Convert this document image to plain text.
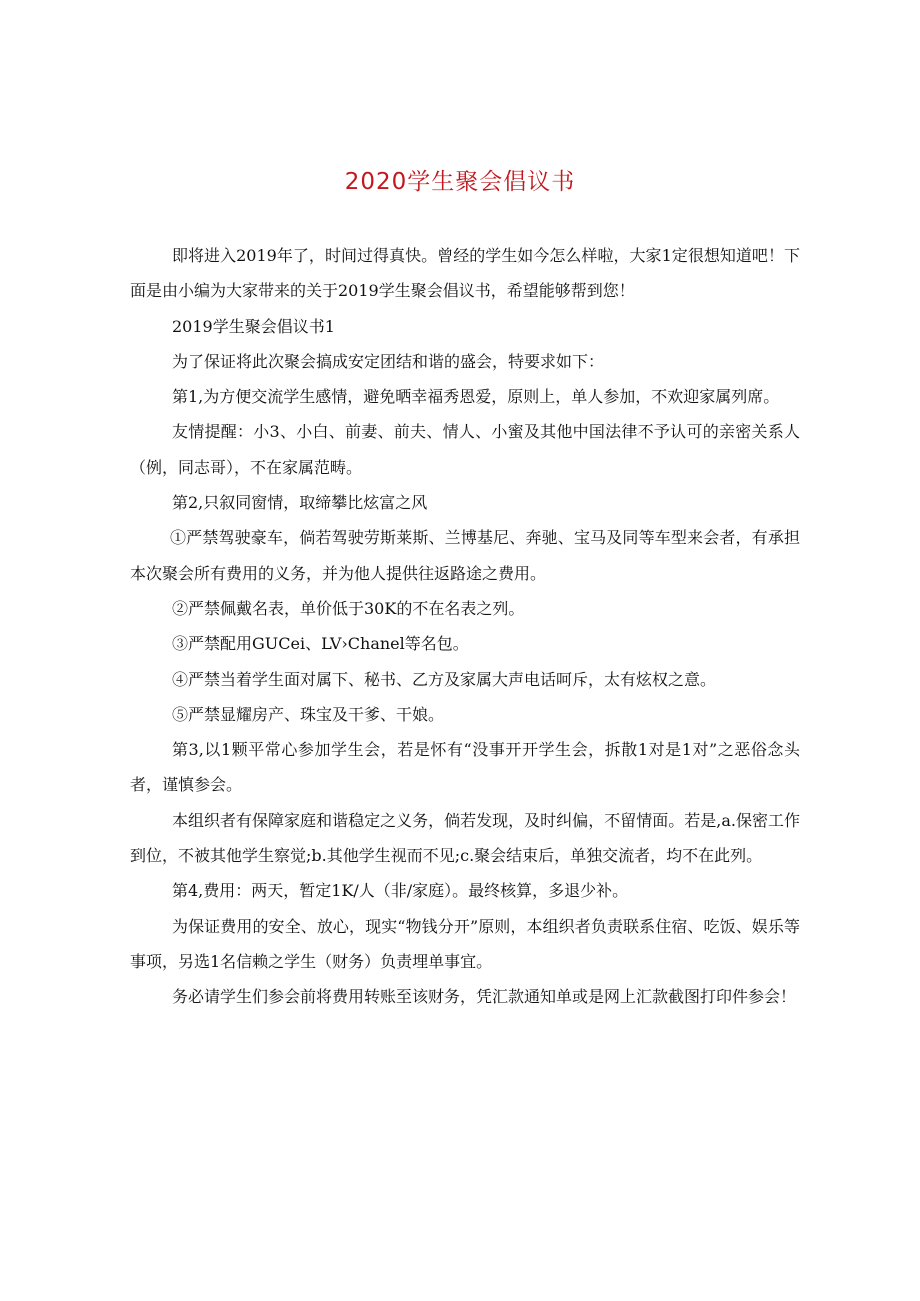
2020学生聚会倡议书

即将进入2019年了，时间过得真快。曾经的学生如今怎么样啦，大家1定很想知道吧！下面是由小编为大家带来的关于2019学生聚会倡议书，希望能够帮到您！

2019学生聚会倡议书1

为了保证将此次聚会搞成安定团结和谐的盛会，特要求如下：

第1,为方便交流学生感情，避免晒幸福秀恩爱，原则上，单人参加，不欢迎家属列席。

友情提醒：小3、小白、前妻、前夫、情人、小蜜及其他中国法律不予认可的亲密关系人（例，同志哥），不在家属范畴。

第2,只叙同窗情，取缔攀比炫富之风

①严禁驾驶豪车，倘若驾驶劳斯莱斯、兰博基尼、奔驰、宝马及同等车型来会者，有承担本次聚会所有费用的义务，并为他人提供往返路途之费用。

②严禁佩戴名表，单价低于30K的不在名表之列。

③严禁配用GUCei、LV›Chanel等名包。

④严禁当着学生面对属下、秘书、乙方及家属大声电话呵斥，太有炫权之意。

⑤严禁显耀房产、珠宝及干爹、干娘。

第3,以1颗平常心参加学生会，若是怀有“没事开开学生会，拆散1对是1对”之恶俗念头者，谨慎参会。

本组织者有保障家庭和谐稳定之义务，倘若发现，及时纠偏，不留情面。若是,a.保密工作到位，不被其他学生察觉;b.其他学生视而不见;c.聚会结束后，单独交流者，均不在此列。

第4,费用：两天，暂定1K/人（非/家庭）。最终核算，多退少补。

为保证费用的安全、放心，现实“物钱分开”原则，本组织者负责联系住宿、吃饭、娱乐等事项，另选1名信赖之学生（财务）负责埋单事宜。

务必请学生们参会前将费用转账至该财务，凭汇款通知单或是网上汇款截图打印件参会！
